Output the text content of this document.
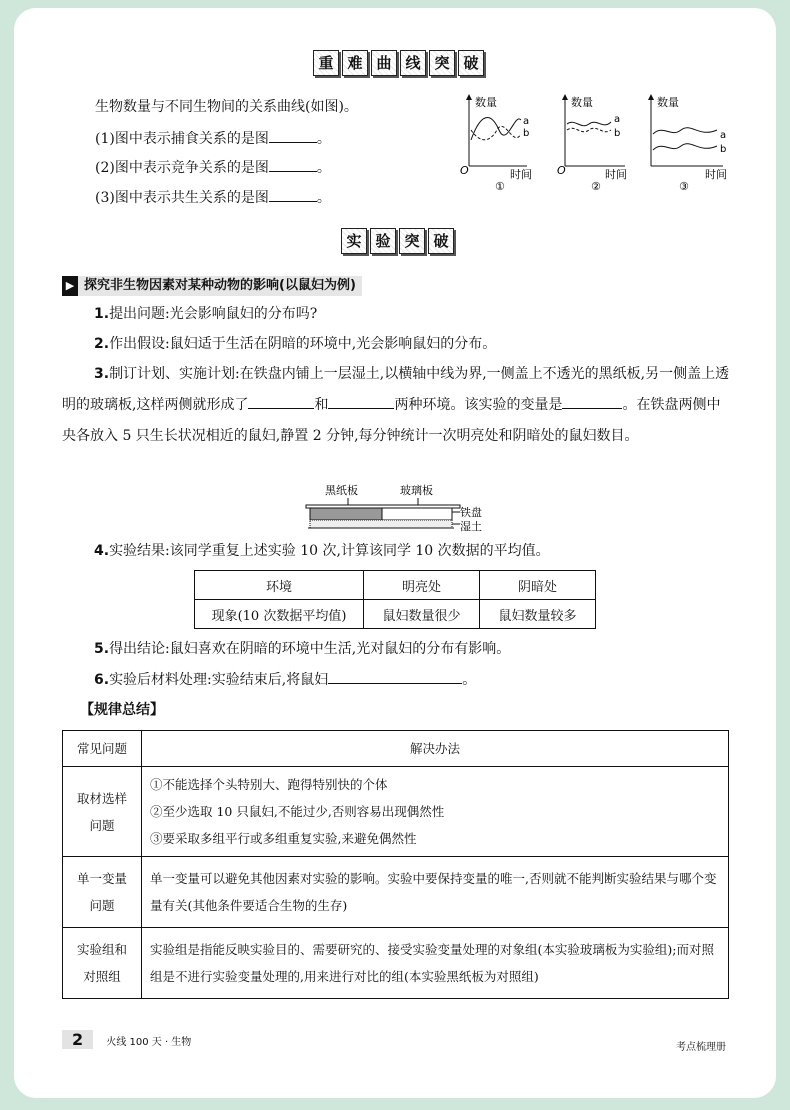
重 难 曲 线 突 破
生物数量与不同生物间的关系曲线(如图)。
(1)图中表示捕食关系的是图	。
(2)图中表示竞争关系的是图	。
(3)图中表示共生关系的是图	。
数量
O	时间
a
b
①
数量
O	时间
a
b
②
数量
时间
a
b
③
实 验 突 破
▶ 探究非生物因素对某种动物的影响(以鼠妇为例)
1.提出问题:光会影响鼠妇的分布吗?
2.作出假设:鼠妇适于生活在阴暗的环境中,光会影响鼠妇的分布。
3.制订计划、实施计划:在铁盘内铺上一层湿土,以横轴中线为界,一侧盖上不透光的黑纸板,另一侧盖上透明的玻璃板,这样两侧就形成了	和	两种环境。该实验的变量是	。在铁盘两侧中央各放入 5 只生长状况相近的鼠妇,静置 2 分钟,每分钟统计一次明亮处和阴暗处的鼠妇数目。
黑纸板	玻璃板
铁盘
湿土
4.实验结果:该同学重复上述实验 10 次,计算该同学 10 次数据的平均值。
环境	明亮处	阴暗处
现象(10 次数据平均值)	鼠妇数量很少	鼠妇数量较多
5.得出结论:鼠妇喜欢在阴暗的环境中生活,光对鼠妇的分布有影响。
6.实验后材料处理:实验结束后,将鼠妇	。
【规律总结】
常见问题	解决办法
取材选样问题	①不能选择个头特别大、跑得特别快的个体
②至少选取 10 只鼠妇,不能过少,否则容易出现偶然性
③要采取多组平行或多组重复实验,来避免偶然性

单一变量问题	单一变量可以避免其他因素对实验的影响。实验中要保持变量的唯一,否则就不能判断实验结果与哪个变量有关(其他条件要适合生物的生存)
实验组和对照组	实验组是指能反映实验目的、需要研究的、接受实验变量处理的对象组(本实验玻璃板为实验组);而对照组是不进行实验变量处理的,用来进行对比的组(本实验黑纸板为对照组)
2 火线 100 天 · 生物	考点梳理册
